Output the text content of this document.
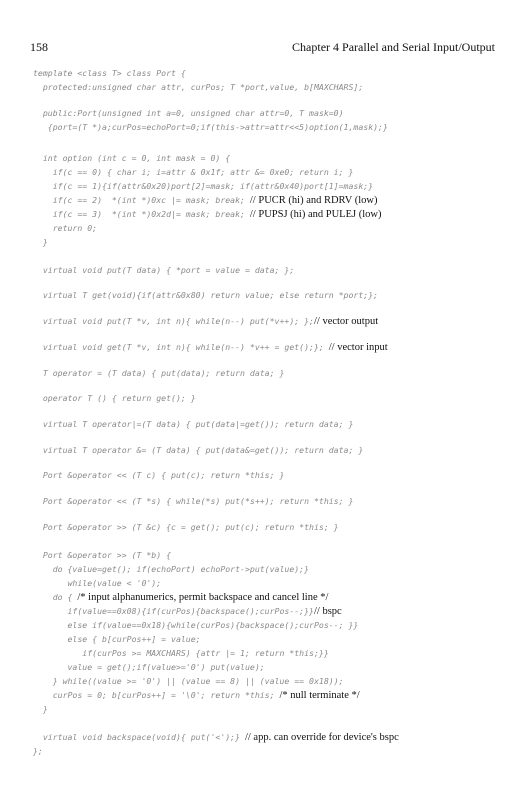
158	Chapter 4 Parallel and Serial Input/Output
template <class T> class Port {
protected:unsigned char attr, curPos; T *port,value, b[MAXCHARS];
public:Port(unsigned int a=0, unsigned char attr=0, T mask=0)
{port=(T *)a;curPos=echoPort=0;if(this->attr=attr<<5)option(1,mask);}
int option (int c = 0, int mask = 0) {
if(c == 0) { char i; i=attr & 0x1f; attr &= 0xe0; return i; }
if(c == 1){if(attr&0x20)port[2]=mask; if(attr&0x40)port[1]=mask;}
if(c == 2)  *(int *)0xc |= mask; break; // PUCR (hi) and RDRV (low)
if(c == 3)  *(int *)0x2d|= mask; break; // PUPSJ (hi) and PULEJ (low)
return 0;
}
virtual void put(T data) { *port = value = data; };
virtual T get(void){if(attr&0x80) return value; else return *port;};
virtual void put(T *v, int n){ while(n--) put(*v++); };// vector output
virtual void get(T *v, int n){ while(n--) *v++ = get();}; // vector input
T operator = (T data) { put(data); return data; }
operator T () { return get(); }
virtual T operator|=(T data) { put(data|=get()); return data; }
virtual T operator &= (T data) { put(data&=get()); return data; }
Port &operator << (T c) { put(c); return *this; }
Port &operator << (T *s) { while(*s) put(*s++); return *this; }
Port &operator >> (T &c) {c = get(); put(c); return *this; }
Port &operator >> (T *b) {
do {value=get(); if(echoPort) echoPort->put(value);}
while(value < '0');
do { /* input alphanumerics, permit backspace and cancel line */
if(value==0x08){if(curPos){backspace();curPos--;}}// bspc
else if(value==0x18){while(curPos){backspace();curPos--; }}
else { b[curPos++] = value;
if(curPos >= MAXCHARS) {attr |= 1; return *this;}}
value = get();if(value>='0') put(value);
} while((value >= '0') || (value == 8) || (value == 0x18));
curPos = 0; b[curPos++] = '\0'; return *this; /* null terminate */
}
virtual void backspace(void){ put('<');} // app. can override for device's bspc
};
